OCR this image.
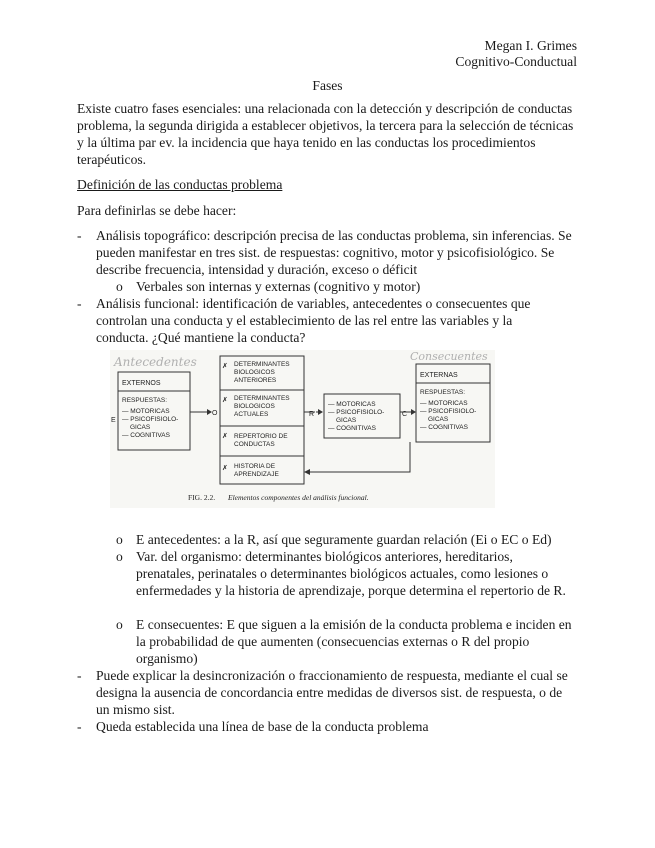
Megan I. Grimes
Cognitivo-Conductual
Fases
Existe cuatro fases esenciales: una relacionada con la detección y descripción de conductas problema, la segunda dirigida a establecer objetivos, la tercera para la selección de técnicas y la última par ev. la incidencia que haya tenido en las conductas los procedimientos terapéuticos.
Definición de las conductas problema
Para definirlas se debe hacer:
- Análisis topográfico: descripción precisa de las conductas problema, sin inferencias. Se pueden manifestar en tres sist. de respuestas: cognitivo, motor y psicofisiológico. Se describe frecuencia, intensidad y duración, exceso o déficit
o Verbales son internas y externas (cognitivo y motor)
- Análisis funcional: identificación de variables, antecedentes o consecuentes que controlan una conducta y el establecimiento de las rel entre las variables y la conducta. ¿Qué mantiene la conducta?
Antecedentes	Consecuentes
EXTERNOS
RESPUESTAS:
— MOTORICAS
— PSICOFISIOLO-
GICAS
— COGNITIVAS
E
O
✗ DETERMINANTES
BIOLOGICOS
ANTERIORES
✗ DETERMINANTES
BIOLOGICOS
ACTUALES
✗ REPERTORIO DE
CONDUCTAS
✗ HISTORIA DE
APRENDIZAJE
R
— MOTORICAS
— PSICOFISIOLO-
GICAS
— COGNITIVAS
C
EXTERNAS
RESPUESTAS:
— MOTORICAS
— PSICOFISIOLO-
GICAS
— COGNITIVAS
FIG. 2.2. Elementos componentes del análisis funcional.
o E antecedentes: a la R, así que seguramente guardan relación (Ei o EC o Ed)
o Var. del organismo: determinantes biológicos anteriores, hereditarios, prenatales, perinatales o determinantes biológicos actuales, como lesiones o enfermedades y la historia de aprendizaje, porque determina el repertorio de R.
o E consecuentes: E que siguen a la emisión de la conducta problema e inciden en la probabilidad de que aumenten (consecuencias externas o R del propio organismo)
- Puede explicar la desincronización o fraccionamiento de respuesta, mediante el cual se designa la ausencia de concordancia entre medidas de diversos sist. de respuesta, o de un mismo sist.
- Queda establecida una línea de base de la conducta problema
